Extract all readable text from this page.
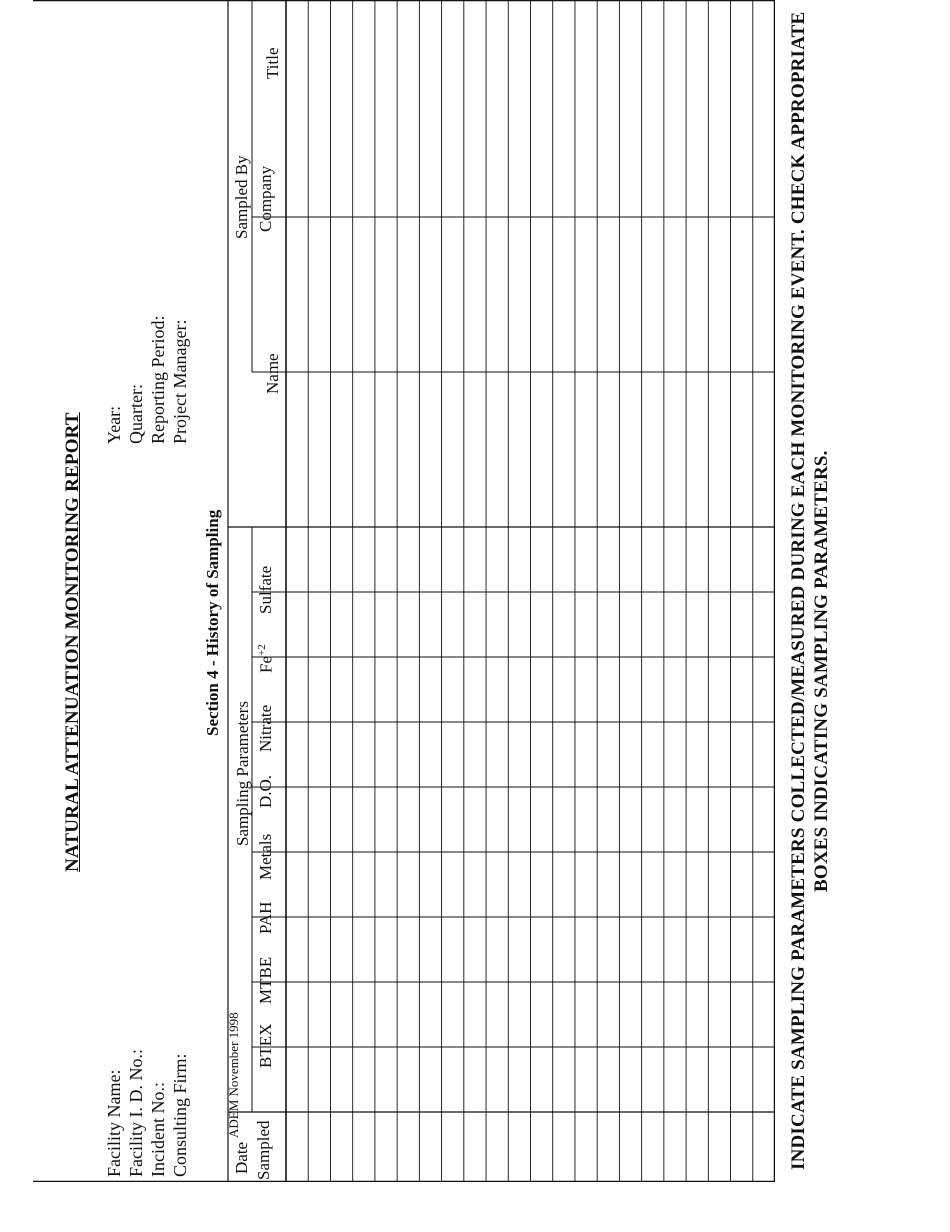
NATURAL ATTENUATION MONITORING REPORT
Facility Name: Facility I. D. No.: Incident No.: Consulting Firm:
Year: Quarter: Reporting Period: Project Manager:
Section 4 - History of Sampling
Date Sampled
Sampling Parameters
BTEX
MTBE
PAH
Metals
D.O.
Nitrate
$Fe^{+2}$
Sulfate
Sampled By
Name
Company
Title	INDICATE SAMPLING PARAMETERS COLLECTED/MEASURED DURING EACH MONITORING EVENT. CHECK APPROPRIATE BOXES INDICATING SAMPLING PARAMETERS.
ADEM November 1998
